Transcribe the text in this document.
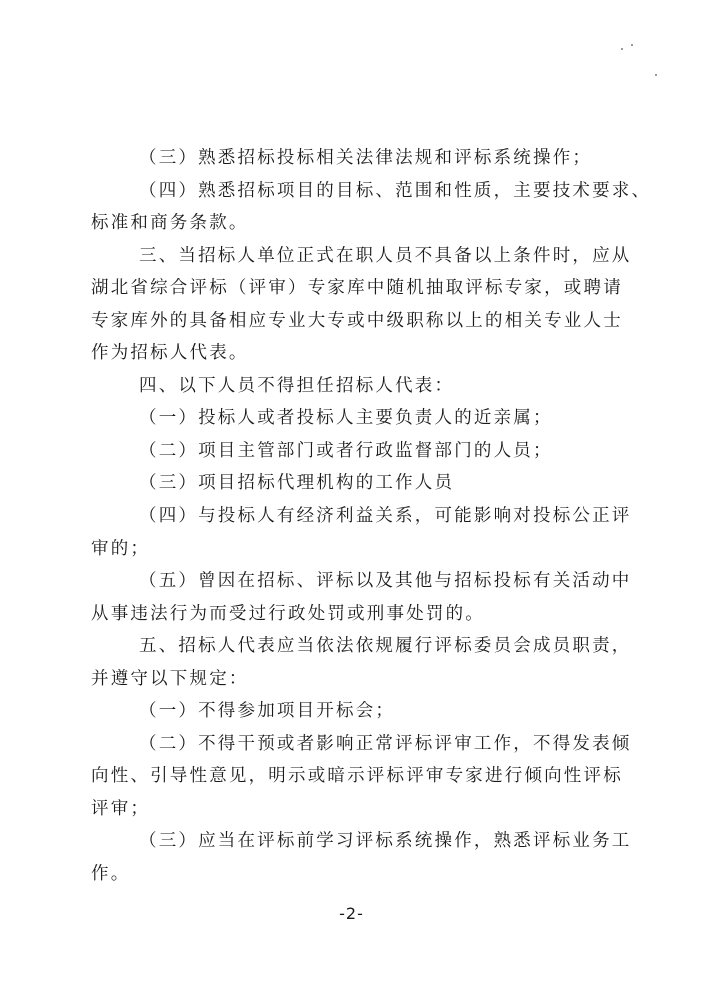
（三）熟悉招标投标相关法律法规和评标系统操作；
（四）熟悉招标项目的目标、范围和性质，主要技术要求、
标准和商务条款。
三、当招标人单位正式在职人员不具备以上条件时，应从
湖北省综合评标（评审）专家库中随机抽取评标专家，或聘请
专家库外的具备相应专业大专或中级职称以上的相关专业人士
作为招标人代表。
四、以下人员不得担任招标人代表：
（一）投标人或者投标人主要负责人的近亲属；
（二）项目主管部门或者行政监督部门的人员；
（三）项目招标代理机构的工作人员
（四）与投标人有经济利益关系，可能影响对投标公正评
审的；
（五）曾因在招标、评标以及其他与招标投标有关活动中
从事违法行为而受过行政处罚或刑事处罚的。
五、招标人代表应当依法依规履行评标委员会成员职责，
并遵守以下规定：
（一）不得参加项目开标会；
（二）不得干预或者影响正常评标评审工作，不得发表倾
向性、引导性意见，明示或暗示评标评审专家进行倾向性评标
评审；
（三）应当在评标前学习评标系统操作，熟悉评标业务工
作。
-2-
